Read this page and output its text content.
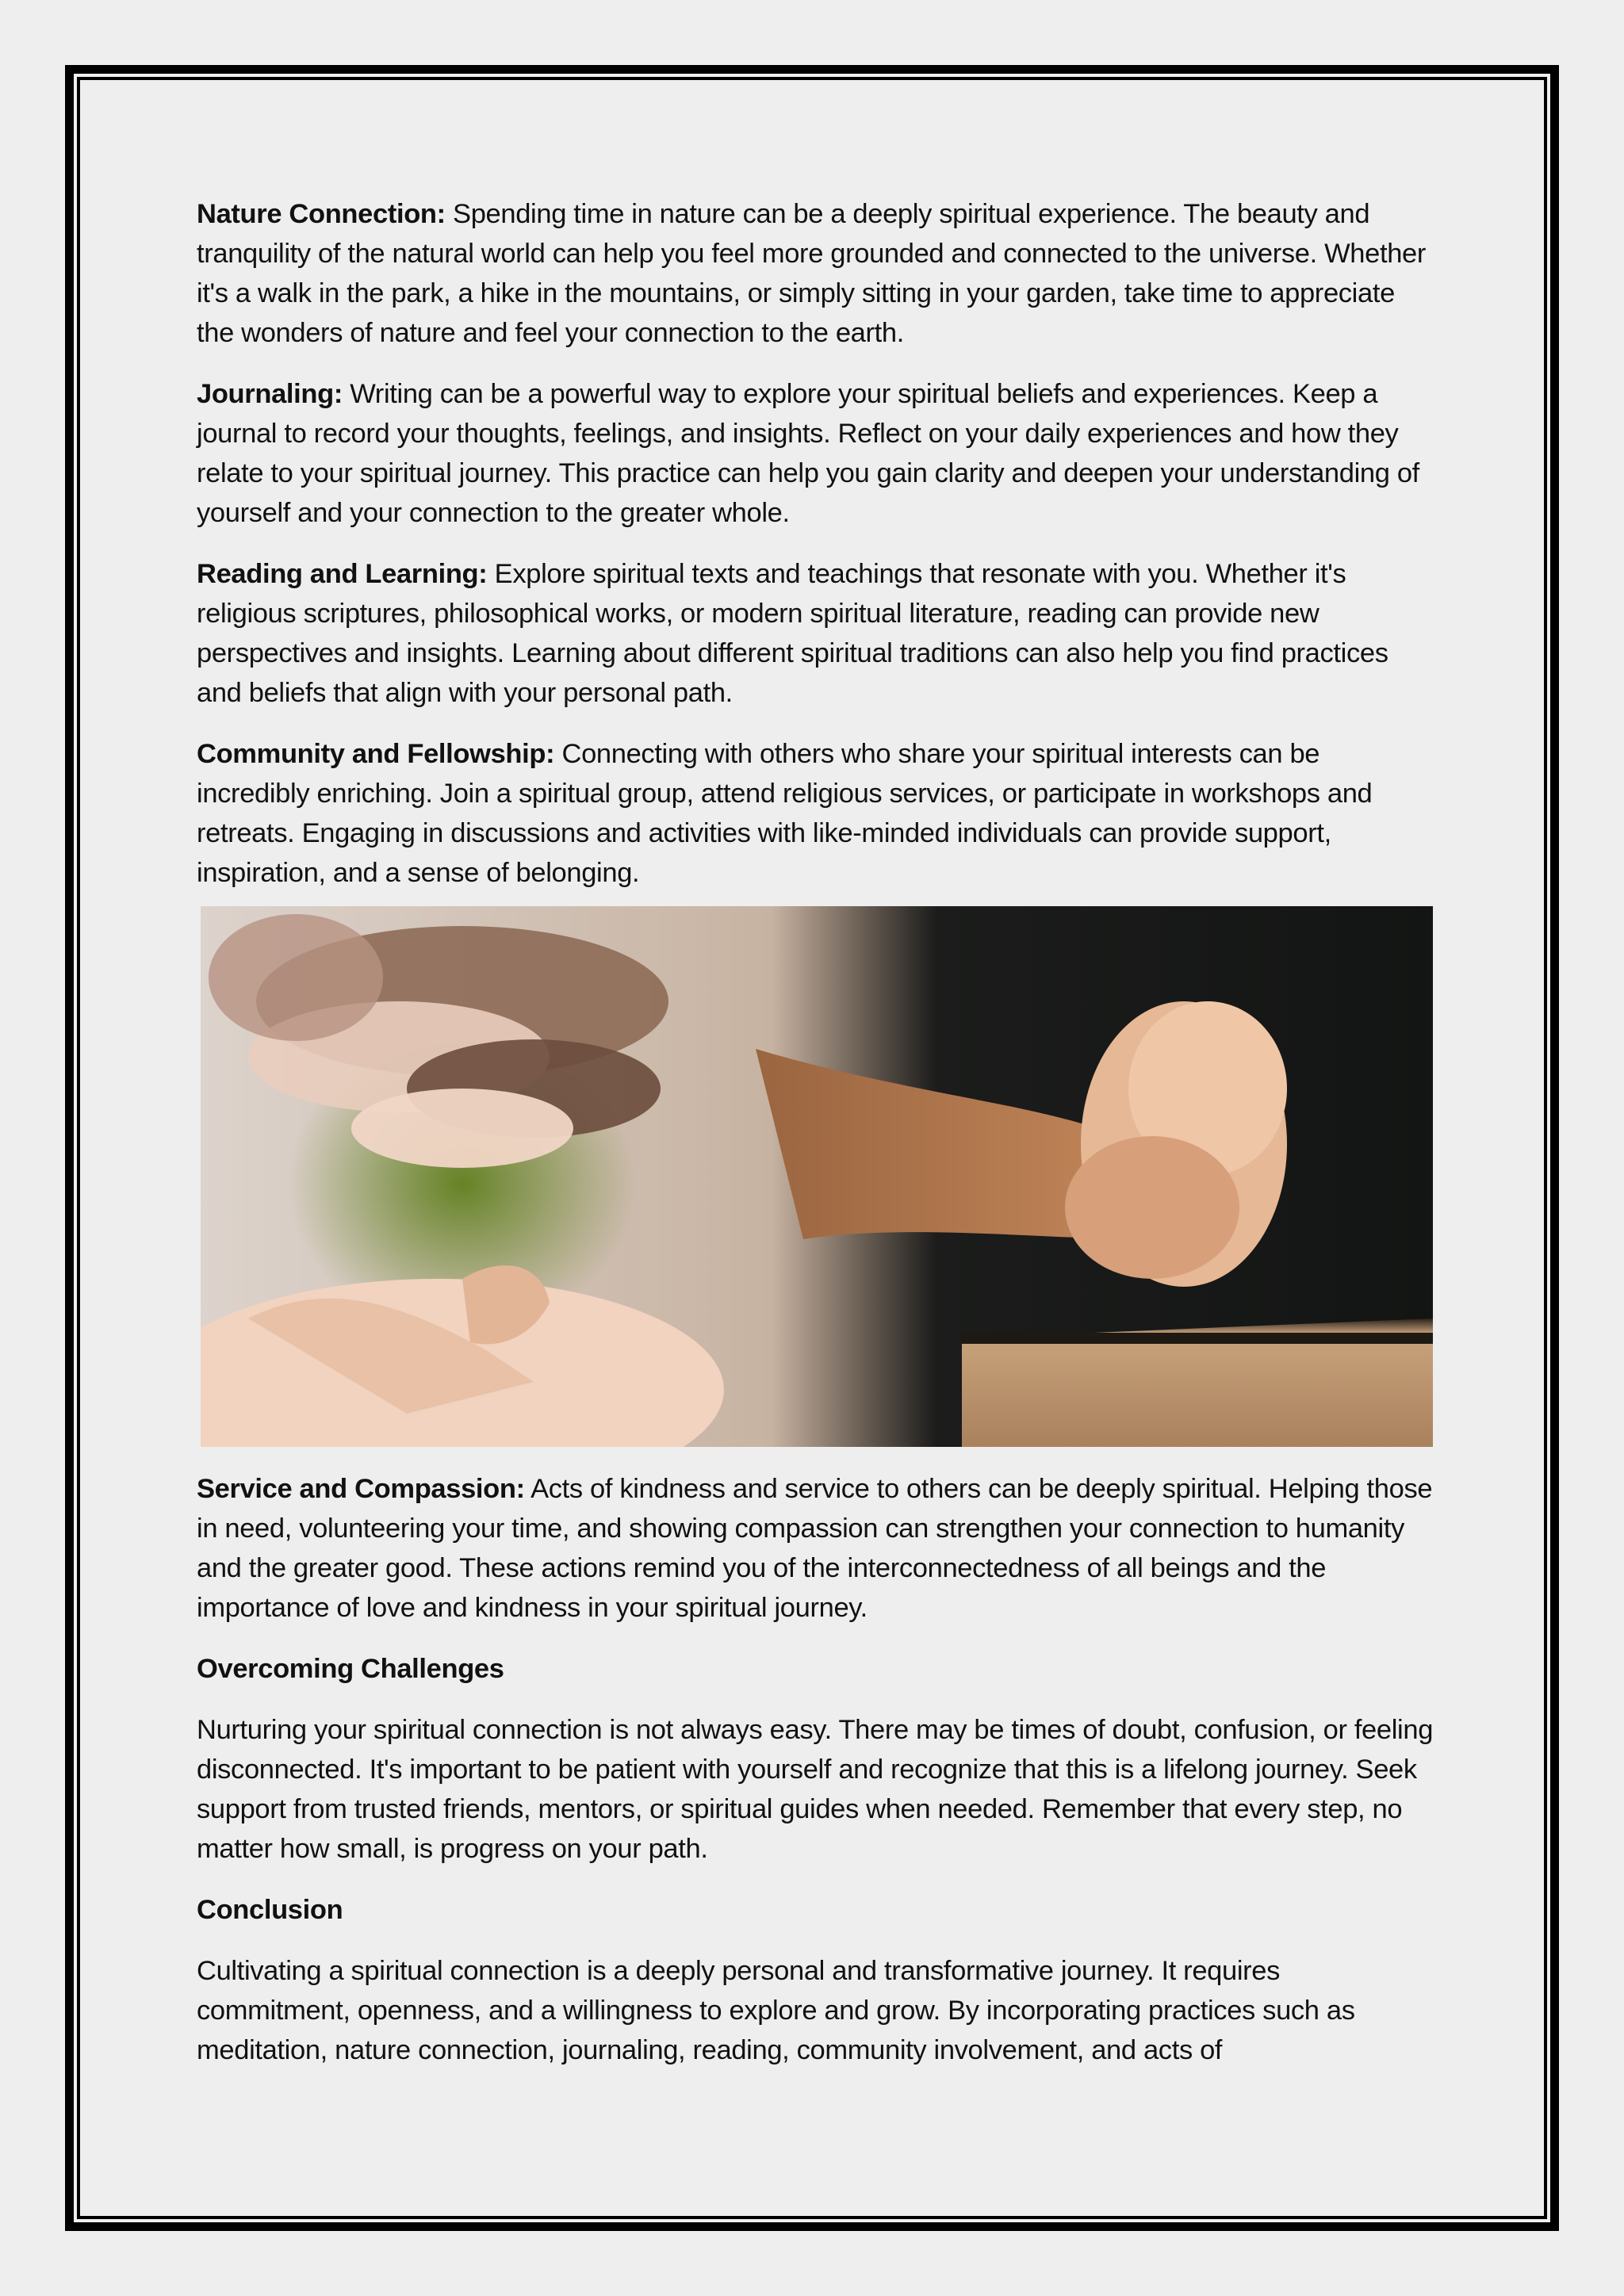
Nature Connection: Spending time in nature can be a deeply spiritual experience. The beauty and tranquility of the natural world can help you feel more grounded and connected to the universe. Whether it's a walk in the park, a hike in the mountains, or simply sitting in your garden, take time to appreciate the wonders of nature and feel your connection to the earth.

Journaling: Writing can be a powerful way to explore your spiritual beliefs and experiences. Keep a journal to record your thoughts, feelings, and insights. Reflect on your daily experiences and how they relate to your spiritual journey. This practice can help you gain clarity and deepen your understanding of yourself and your connection to the greater whole.

Reading and Learning: Explore spiritual texts and teachings that resonate with you. Whether it's religious scriptures, philosophical works, or modern spiritual literature, reading can provide new perspectives and insights. Learning about different spiritual traditions can also help you find practices and beliefs that align with your personal path.

Community and Fellowship: Connecting with others who share your spiritual interests can be incredibly enriching. Join a spiritual group, attend religious services, or participate in workshops and retreats. Engaging in discussions and activities with like-minded individuals can provide support, inspiration, and a sense of belonging.

Service and Compassion: Acts of kindness and service to others can be deeply spiritual. Helping those in need, volunteering your time, and showing compassion can strengthen your connection to humanity and the greater good. These actions remind you of the interconnectedness of all beings and the importance of love and kindness in your spiritual journey.

Overcoming Challenges

Nurturing your spiritual connection is not always easy. There may be times of doubt, confusion, or feeling disconnected. It's important to be patient with yourself and recognize that this is a lifelong journey. Seek support from trusted friends, mentors, or spiritual guides when needed. Remember that every step, no matter how small, is progress on your path.

Conclusion

Cultivating a spiritual connection is a deeply personal and transformative journey. It requires commitment, openness, and a willingness to explore and grow. By incorporating practices such as meditation, nature connection, journaling, reading, community involvement, and acts of
